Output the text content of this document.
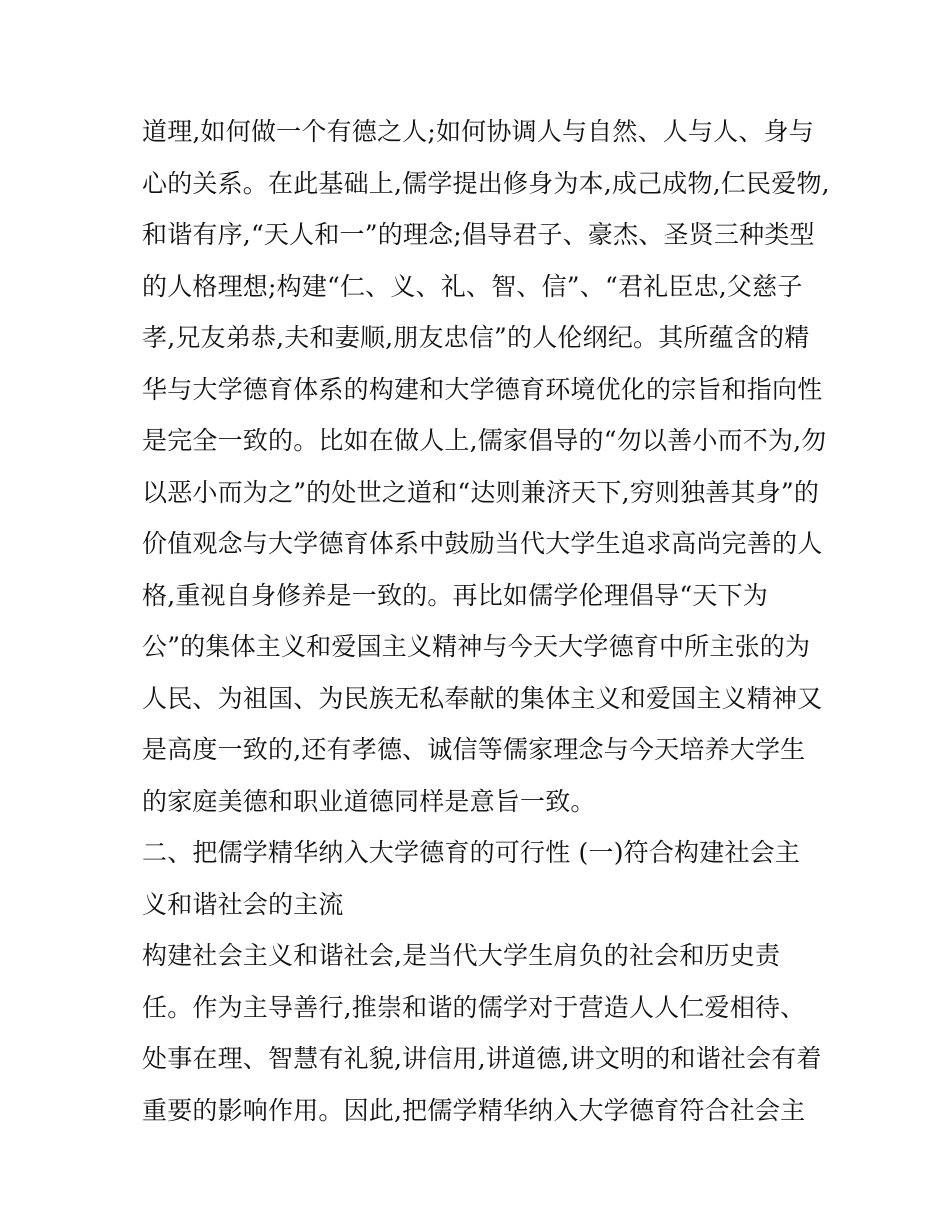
道理,如何做一个有德之人;如何协调人与自然、人与人、身与
心的关系。在此基础上,儒学提出修身为本,成己成物,仁民爱物,
和谐有序,“天人和一”的理念;倡导君子、豪杰、圣贤三种类型
的人格理想;构建“仁、义、礼、智、信”、“君礼臣忠,父慈子
孝,兄友弟恭,夫和妻顺,朋友忠信”的人伦纲纪。其所蕴含的精
华与大学德育体系的构建和大学德育环境优化的宗旨和指向性
是完全一致的。比如在做人上,儒家倡导的“勿以善小而不为,勿
以恶小而为之”的处世之道和“达则兼济天下,穷则独善其身”的
价值观念与大学德育体系中鼓励当代大学生追求高尚完善的人
格,重视自身修养是一致的。再比如儒学伦理倡导“天下为
公”的集体主义和爱国主义精神与今天大学德育中所主张的为
人民、为祖国、为民族无私奉献的集体主义和爱国主义精神又
是高度一致的,还有孝德、诚信等儒家理念与今天培养大学生
的家庭美德和职业道德同样是意旨一致。
二、把儒学精华纳入大学德育的可行性 (一)符合构建社会主
义和谐社会的主流
构建社会主义和谐社会,是当代大学生肩负的社会和历史责
任。作为主导善行,推崇和谐的儒学对于营造人人仁爱相待、
处事在理、智慧有礼貌,讲信用,讲道德,讲文明的和谐社会有着
重要的影响作用。因此,把儒学精华纳入大学德育符合社会主
